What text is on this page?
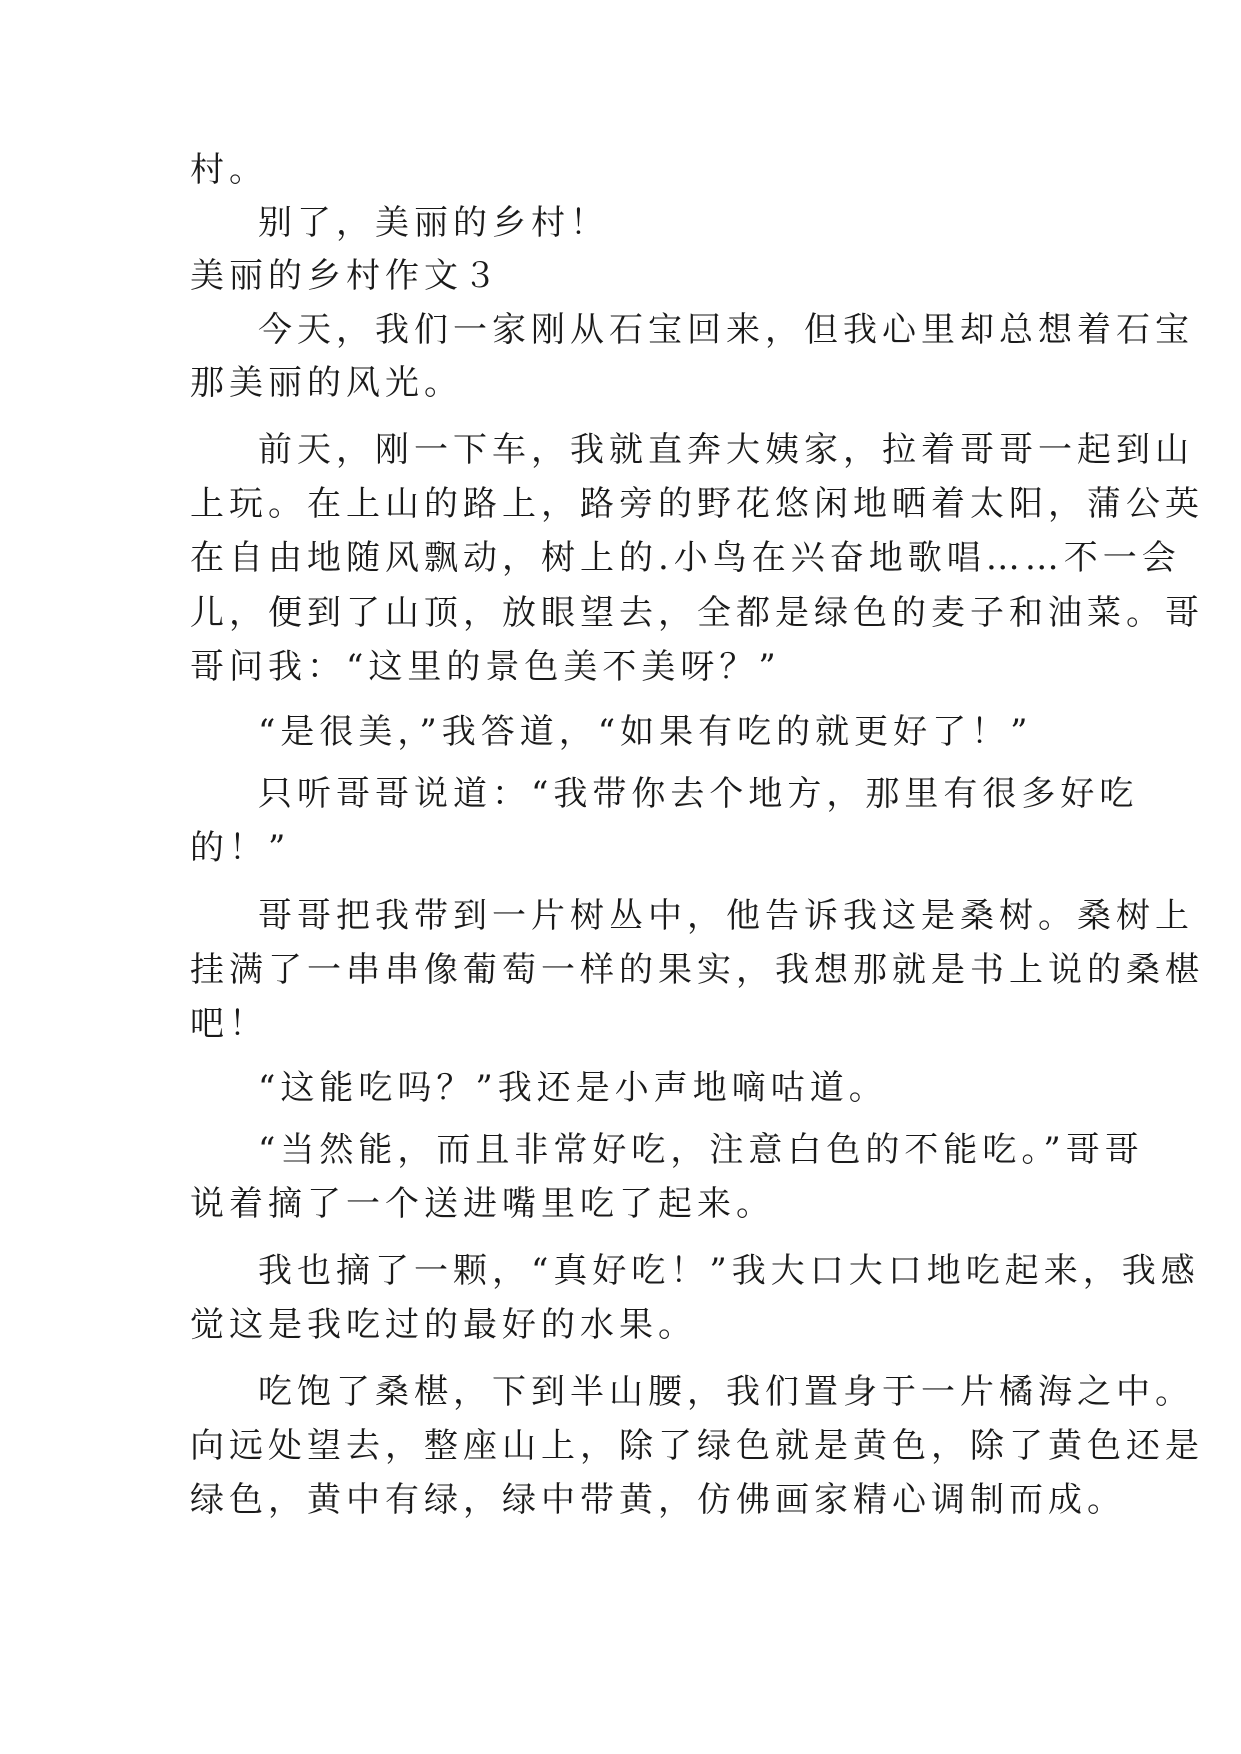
村。
别了，美丽的乡村！
美丽的乡村作文３
今天，我们一家刚从石宝回来，但我心里却总想着石宝
那美丽的风光。
前天，刚一下车，我就直奔大姨家，拉着哥哥一起到山
上玩。在上山的路上，路旁的野花悠闲地晒着太阳，蒲公英
在自由地随风飘动，树上的.小鸟在兴奋地歌唱……不一会
儿，便到了山顶，放眼望去，全都是绿色的麦子和油菜。哥
哥问我：“这里的景色美不美呀？”
“是很美，”我答道，“如果有吃的就更好了！”
只听哥哥说道：“我带你去个地方，那里有很多好吃
的！”
哥哥把我带到一片树丛中，他告诉我这是桑树。桑树上
挂满了一串串像葡萄一样的果实，我想那就是书上说的桑椹
吧！
“这能吃吗？”我还是小声地嘀咕道。
“当然能，而且非常好吃，注意白色的不能吃。”哥哥
说着摘了一个送进嘴里吃了起来。
我也摘了一颗，“真好吃！”我大口大口地吃起来，我感
觉这是我吃过的最好的水果。
吃饱了桑椹，下到半山腰，我们置身于一片橘海之中。
向远处望去，整座山上，除了绿色就是黄色，除了黄色还是
绿色，黄中有绿，绿中带黄，仿佛画家精心调制而成。
